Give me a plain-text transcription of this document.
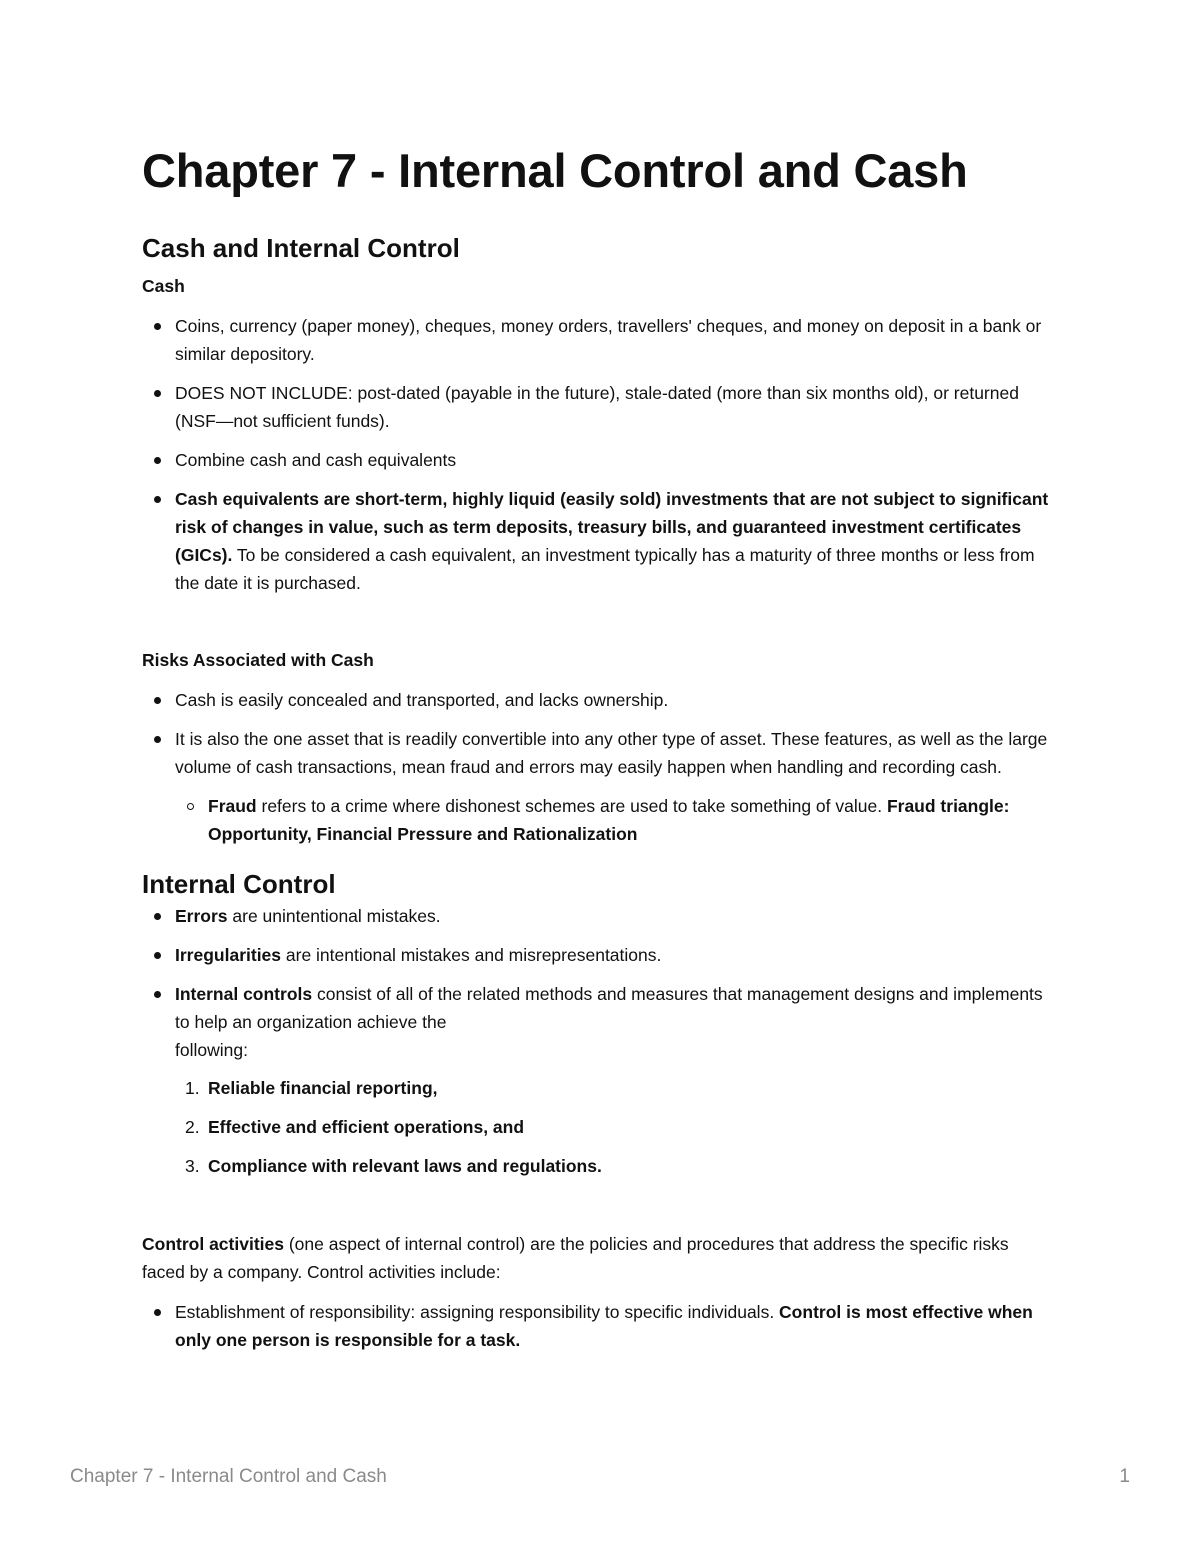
Chapter 7 - Internal Control and Cash
Cash and Internal Control
Cash
Coins, currency (paper money), cheques, money orders, travellers' cheques, and money on deposit in a bank or similar depository.
DOES NOT INCLUDE: post-dated (payable in the future), stale-dated (more than six months old), or returned (NSF—not sufficient funds).
Combine cash and cash equivalents
Cash equivalents are short-term, highly liquid (easily sold) investments that are not subject to significant risk of changes in value, such as term deposits, treasury bills, and guaranteed investment certificates (GICs). To be considered a cash equivalent, an investment typically has a maturity of three months or less from the date it is purchased.
Risks Associated with Cash
Cash is easily concealed and transported, and lacks ownership.
It is also the one asset that is readily convertible into any other type of asset. These features, as well as the large volume of cash transactions, mean fraud and errors may easily happen when handling and recording cash.
Fraud refers to a crime where dishonest schemes are used to take something of value. Fraud triangle: Opportunity, Financial Pressure and Rationalization
Internal Control
Errors are unintentional mistakes.
Irregularities are intentional mistakes and misrepresentations.
Internal controls consist of all of the related methods and measures that management designs and implements to help an organization achieve the
following:
1. Reliable financial reporting,
2. Effective and efficient operations, and
3. Compliance with relevant laws and regulations.

Control activities (one aspect of internal control) are the policies and procedures that address the specific risks faced by a company. Control activities include:

Establishment of responsibility: assigning responsibility to specific individuals. Control is most effective when only one person is responsible for a task.
Chapter 7 - Internal Control and Cash	1
